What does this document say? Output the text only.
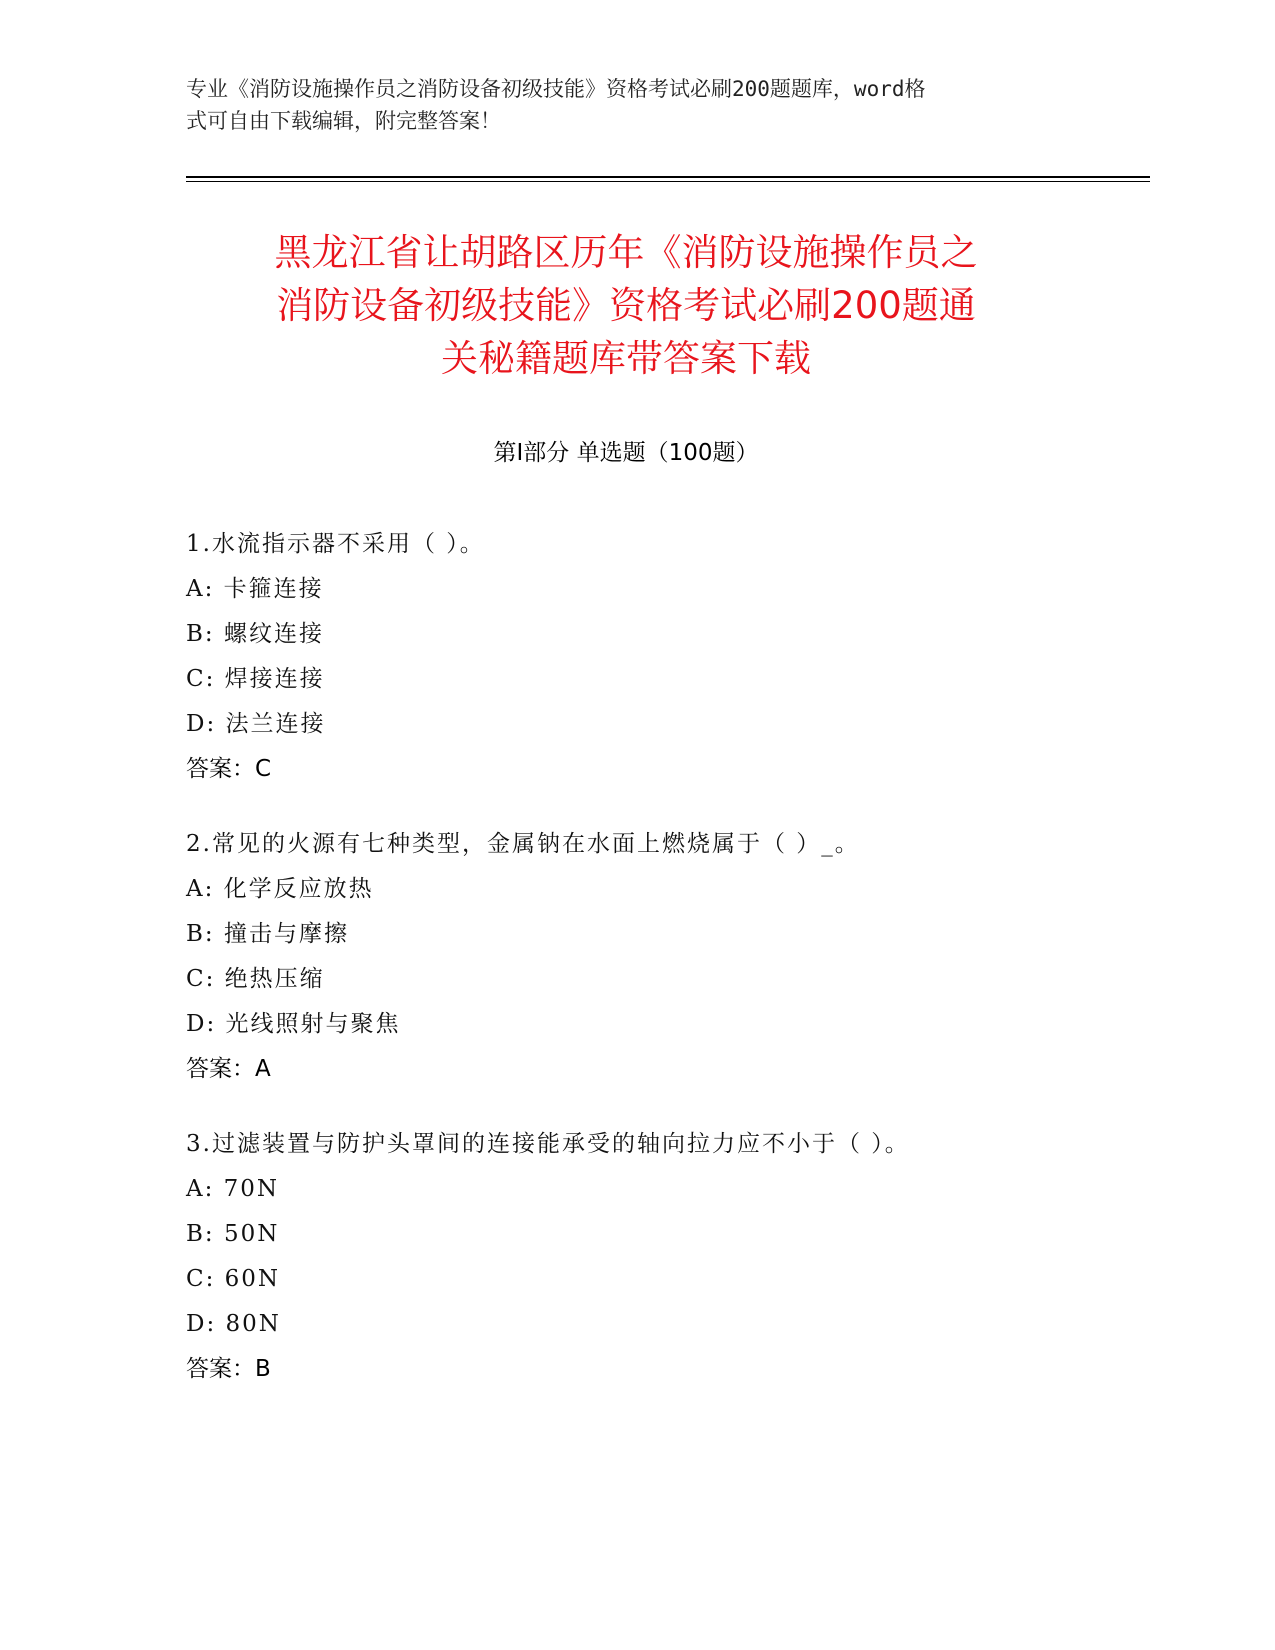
专业《消防设施操作员之消防设备初级技能》资格考试必刷200题题库，word格
式可自由下载编辑，附完整答案！
黑龙江省让胡路区历年《消防设施操作员之
消防设备初级技能》资格考试必刷200题通
关秘籍题库带答案下载
第I部分 单选题（100题）
1.水流指示器不采用（ ）。
A: 卡箍连接
B: 螺纹连接
C: 焊接连接
D: 法兰连接
答案：C
2.常见的火源有七种类型，金属钠在水面上燃烧属于（ ）_。
A: 化学反应放热
B: 撞击与摩擦
C: 绝热压缩
D: 光线照射与聚焦
答案：A
3.过滤装置与防护头罩间的连接能承受的轴向拉力应不小于（ ）。
A: 70N
B: 50N
C: 60N
D: 80N
答案：B
